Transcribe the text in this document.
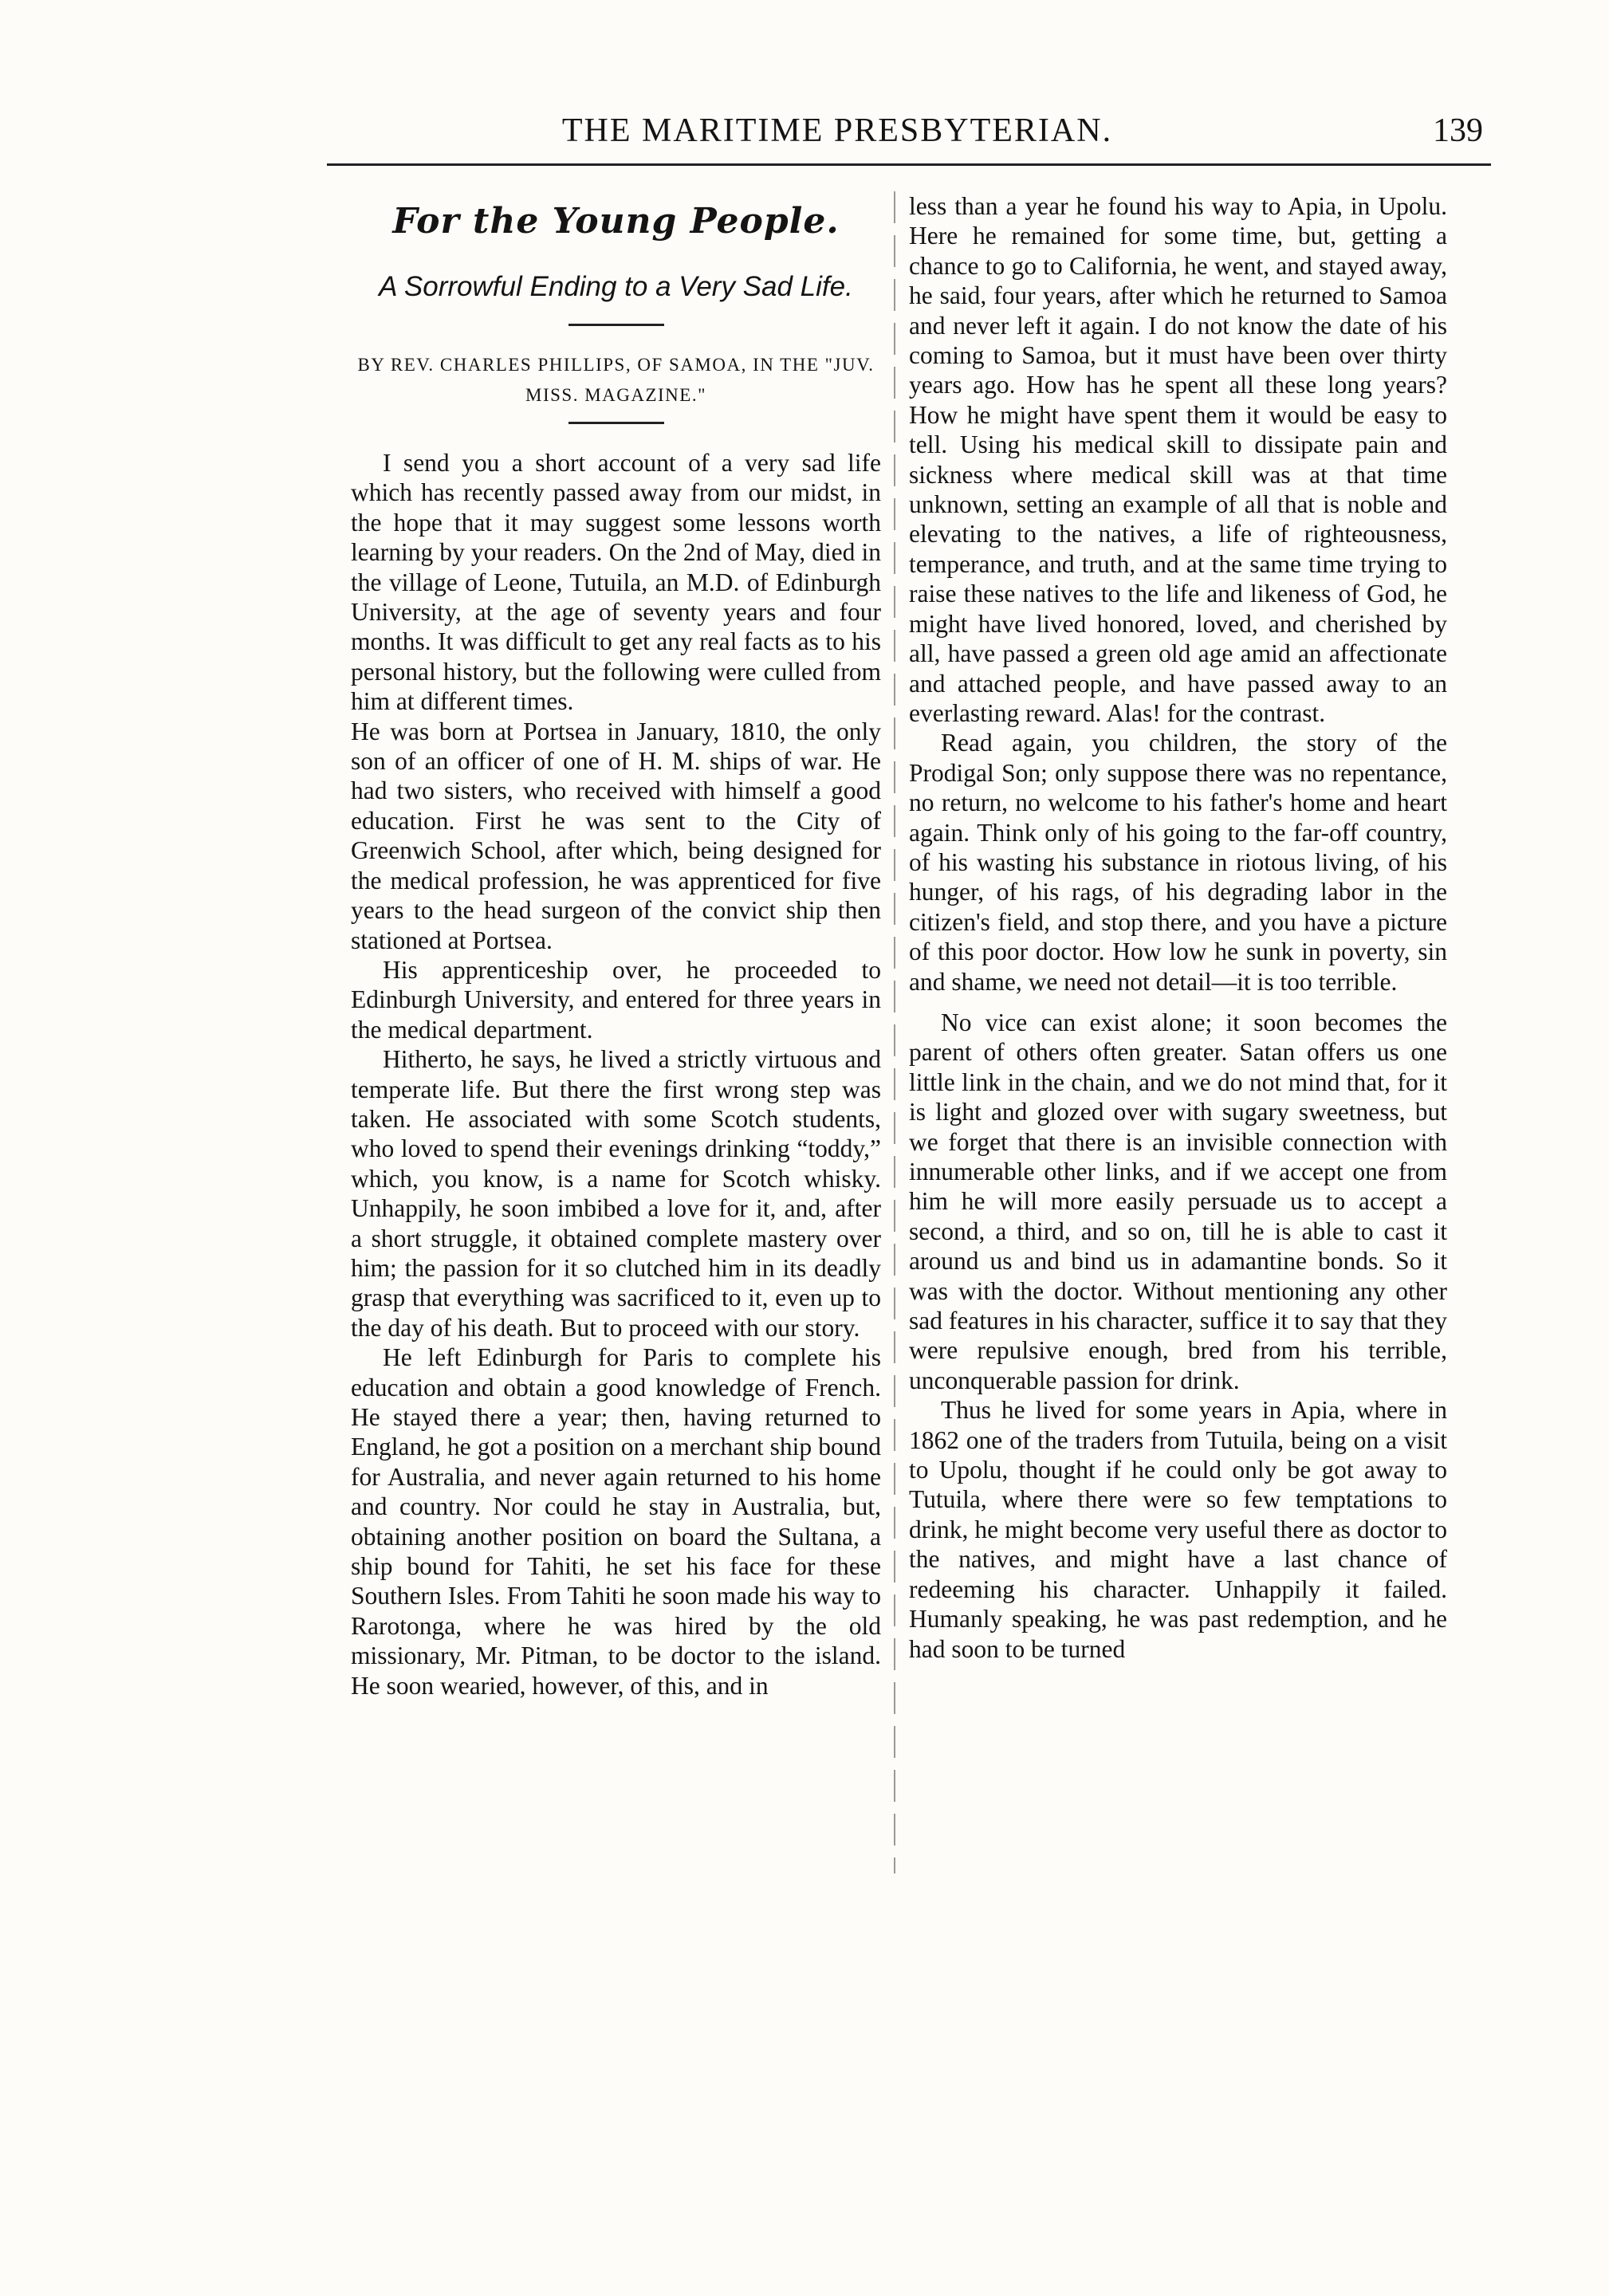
THE MARITIME PRESBYTERIAN.	139
For the Young People.
A Sorrowful Ending to a Very Sad Life.
BY REV. CHARLES PHILLIPS, OF SAMOA, IN THE "JUV. MISS. MAGAZINE."

I send you a short account of a very sad life which has recently passed away from our midst, in the hope that it may suggest some lessons worth learning by your readers. On the 2nd of May, died in the village of Leone, Tutuila, an M.D. of Edinburgh University, at the age of seventy years and four months. It was difficult to get any real facts as to his personal history, but the following were culled from him at different times.

He was born at Portsea in January, 1810, the only son of an officer of one of H. M. ships of war. He had two sisters, who received with himself a good education. First he was sent to the City of Greenwich School, after which, being designed for the medical profession, he was apprenticed for five years to the head surgeon of the convict ship then stationed at Portsea.

His apprenticeship over, he proceeded to Edinburgh University, and entered for three years in the medical department.

Hitherto, he says, he lived a strictly virtuous and temperate life. But there the first wrong step was taken. He associated with some Scotch students, who loved to spend their evenings drinking “toddy,” which, you know, is a name for Scotch whisky. Unhappily, he soon imbibed a love for it, and, after a short struggle, it obtained complete mastery over him; the passion for it so clutched him in its deadly grasp that everything was sacrificed to it, even up to the day of his death. But to proceed with our story.

He left Edinburgh for Paris to complete his education and obtain a good knowledge of French. He stayed there a year; then, having returned to England, he got a position on a merchant ship bound for Australia, and never again returned to his home and country. Nor could he stay in Australia, but, obtaining another position on board the Sultana, a ship bound for Tahiti, he set his face for these Southern Isles. From Tahiti he soon made his way to Rarotonga, where he was hired by the old missionary, Mr. Pitman, to be doctor to the island. He soon wearied, however, of this, and in

less than a year he found his way to Apia, in Upolu. Here he remained for some time, but, getting a chance to go to California, he went, and stayed away, he said, four years, after which he returned to Samoa and never left it again. I do not know the date of his coming to Samoa, but it must have been over thirty years ago. How has he spent all these long years? How he might have spent them it would be easy to tell. Using his medical skill to dissipate pain and sickness where medical skill was at that time unknown, setting an example of all that is noble and elevating to the natives, a life of righteousness, temperance, and truth, and at the same time trying to raise these natives to the life and likeness of God, he might have lived honored, loved, and cherished by all, have passed a green old age amid an affectionate and attached people, and have passed away to an everlasting reward. Alas! for the contrast.

Read again, you children, the story of the Prodigal Son; only suppose there was no repentance, no return, no welcome to his father's home and heart again. Think only of his going to the far-off country, of his wasting his substance in riotous living, of his hunger, of his rags, of his degrading labor in the citizen's field, and stop there, and you have a picture of this poor doctor. How low he sunk in poverty, sin and shame, we need not detail—it is too terrible.

No vice can exist alone; it soon becomes the parent of others often greater. Satan offers us one little link in the chain, and we do not mind that, for it is light and glozed over with sugary sweetness, but we forget that there is an invisible connection with innumerable other links, and if we accept one from him he will more easily persuade us to accept a second, a third, and so on, till he is able to cast it around us and bind us in adamantine bonds. So it was with the doctor. Without mentioning any other sad features in his character, suffice it to say that they were repulsive enough, bred from his terrible, unconquerable passion for drink.

Thus he lived for some years in Apia, where in 1862 one of the traders from Tutuila, being on a visit to Upolu, thought if he could only be got away to Tutuila, where there were so few temptations to drink, he might become very useful there as doctor to the natives, and might have a last chance of redeeming his character. Unhappily it failed. Humanly speaking, he was past redemption, and he had soon to be turned
